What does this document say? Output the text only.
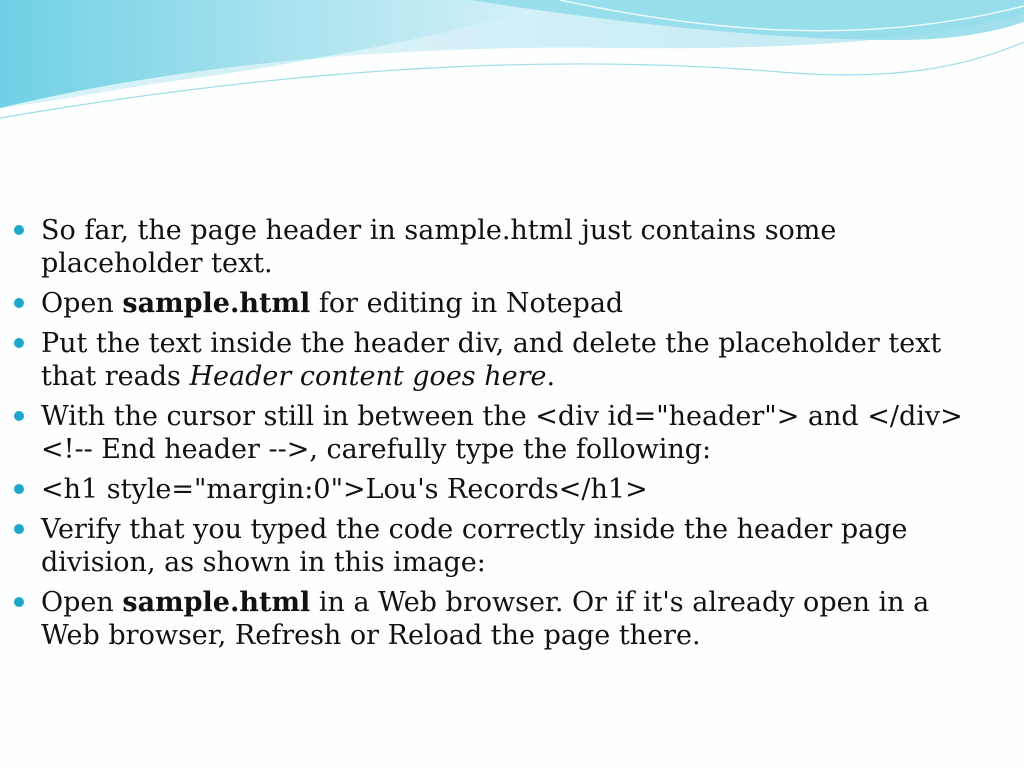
So far, the page header in sample.html just contains some placeholder text.
Open sample.html for editing in Notepad
Put the text inside the header div, and delete the placeholder text that reads Header content goes here.
With the cursor still in between the <div id="header"> and </div><!-- End header -->, carefully type the following:
<h1 style="margin:0">Lou's Records</h1>
Verify that you typed the code correctly inside the header page division, as shown in this image:
Open sample.html in a Web browser. Or if it's already open in a Web browser, Refresh or Reload the page there.
